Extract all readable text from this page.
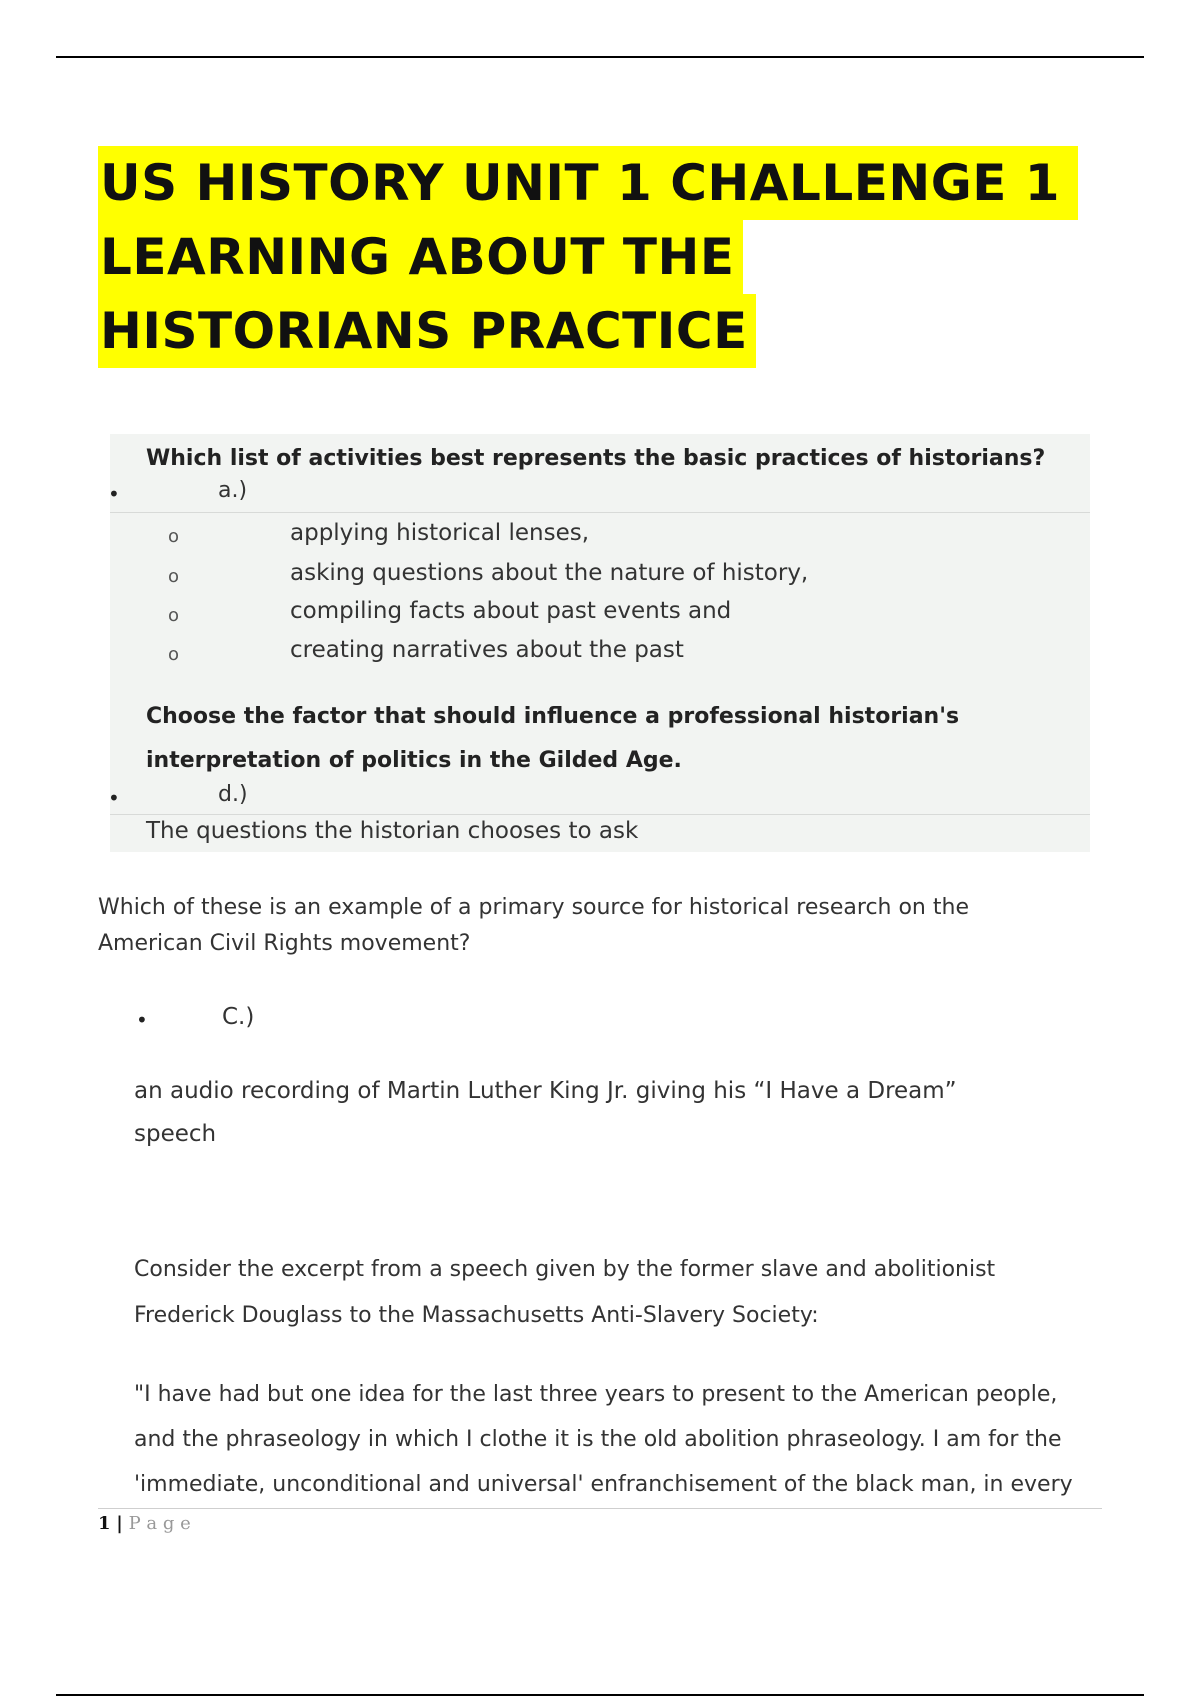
US HISTORY UNIT 1 CHALLENGE 1
LEARNING ABOUT THE
HISTORIANS PRACTICE
Which list of activities best represents the basic practices of historians?
•	a.)
o	applying historical lenses,
o	asking questions about the nature of history,
o	compiling facts about past events and
o	creating narratives about the past
Choose the factor that should influence a professional historian's
interpretation of politics in the Gilded Age.
•	d.)
The questions the historian chooses to ask
Which of these is an example of a primary source for historical research on the
American Civil Rights movement?
•	C.)
an audio recording of Martin Luther King Jr. giving his “I Have a Dream”
speech
Consider the excerpt from a speech given by the former slave and abolitionist
Frederick Douglass to the Massachusetts Anti-Slavery Society:
"I have had but one idea for the last three years to present to the American people,
and the phraseology in which I clothe it is the old abolition phraseology. I am for the
'immediate, unconditional and universal' enfranchisement of the black man, in every
1 | P a g e
